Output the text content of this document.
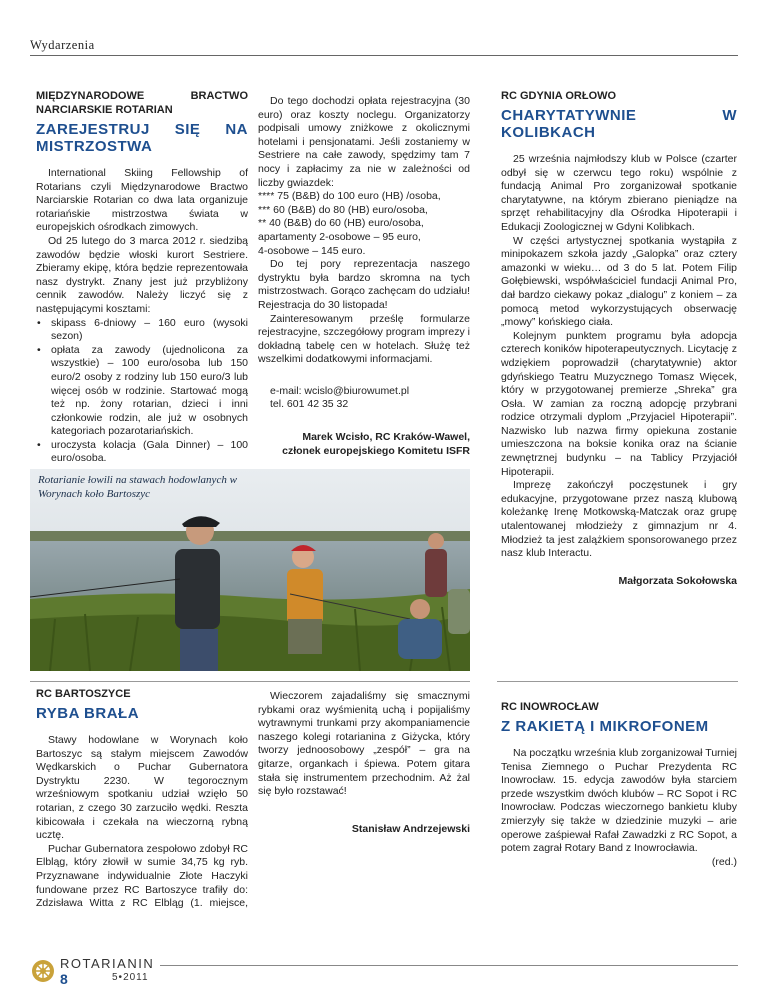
Wydarzenia
MIĘDZYNARODOWE BRACTWO NARCIARSKIE ROTARIAN
ZAREJESTRUJ SIĘ NA MISTRZOSTWA

International Skiing Fellowship of Rotarians czyli Międzynarodowe Bractwo Narciarskie Rotarian co dwa lata organizuje rotariańskie mistrzostwa świata w europejskich ośrodkach zimowych.

Od 25 lutego do 3 marca 2012 r. siedzibą zawodów będzie włoski kurort Sestriere. Zbieramy ekipę, która będzie reprezentowała nasz dystrykt. Znany jest już przybliżony cennik zawodów. Należy liczyć się z następującymi kosztami:

• skipass 6-dniowy – 160 euro (wysoki sezon)
• opłata za zawody (ujednolicona za wszystkie) – 100 euro/osoba lub 150 euro/2 osoby z rodziny lub 150 euro/3 lub więcej osób w rodzinie. Startować mogą też np. żony rotarian, dzieci i inni członkowie rodzin, ale już w osobnych kategoriach pozarotariańskich.
• uroczysta kolacja (Gala Dinner) – 100 euro/osoba.

Do tego dochodzi opłata rejestracyjna (30 euro) oraz koszty noclegu. Organizatorzy podpisali umowy zniżkowe z okolicznymi hotelami i pensjonatami. Jeśli zostaniemy w Sestriere na całe zawody, spędzimy tam 7 nocy i zapłacimy za nie w zależności od liczby gwiazdek:

**** 75 (B&B) do 100 euro (HB) /osoba,
*** 60 (B&B) do 80 (HB) euro/osoba,
** 40 (B&B) do 60 (HB) euro/osoba,
apartamenty 2-osobowe – 95 euro,
4-osobowe – 145 euro.

Do tej pory reprezentacja naszego dystryktu była bardzo skromna na tych mistrzostwach. Gorąco zachęcam do udziału! Rejestracja do 30 listopada!

Zainteresowanym prześlę formularze rejestracyjne, szczegółowy program imprezy i dokładną tabelę cen w hotelach. Służę też wszelkimi dodatkowymi informacjami.

e-mail: wcislo@biurowumet.pl
tel. 601 42 35 32
Marek Wcisło, RC Kraków-Wawel,
członek europejskiego Komitetu ISFR
Rotarianie łowili na stawach hodowlanych w Worynach koło Bartoszyc
RC GDYNIA ORŁOWO
CHARYTATYWNIE W KOLIBKACH

25 września najmłodszy klub w Polsce (czarter odbył się w czerwcu tego roku) wspólnie z fundacją Animal Pro zorganizował spotkanie charytatywne, na którym zbierano pieniądze na sprzęt rehabilitacyjny dla Ośrodka Hipoterapii i Edukacji Zoologicznej w Gdyni Kolibkach.

W części artystycznej spotkania wystąpiła z minipokazem szkoła jazdy „Galopka” oraz cztery amazonki w wieku… od 3 do 5 lat. Potem Filip Gołębiewski, współwłaściciel fundacji Animal Pro, dał bardzo ciekawy pokaz „dialogu” z koniem – za pomocą metod wykorzystujących obserwację „mowy” końskiego ciała.

Kolejnym punktem programu była adopcja czterech koników hipoterapeutycznych. Licytację z wdziękiem poprowadził (charytatywnie) aktor gdyńskiego Teatru Muzycznego Tomasz Więcek, który w przygotowanej premierze „Shreka” gra Osła. W zamian za roczną adopcję przybrani rodzice otrzymali dyplom „Przyjaciel Hipoterapii”. Nazwisko lub nazwa firmy opiekuna zostanie umieszczona na boksie konika oraz na ścianie zewnętrznej budynku – na Tablicy Przyjaciół Hipoterapii.

Imprezę zakończył poczęstunek i gry edukacyjne, przygotowane przez naszą klubową koleżankę Irenę Motkowską-Matczak oraz grupę utalentowanej młodzieży z gimnazjum nr 4. Młodzież ta jest zalążkiem sponsorowanego przez nasz klub Interactu.

Małgorzata Sokołowska
RC BARTOSZYCE
RYBA BRAŁA

Stawy hodowlane w Worynach koło Bartoszyc są stałym miejscem Zawodów Wędkarskich o Puchar Gubernatora Dystryktu 2230. W tegorocznym wrześniowym spotkaniu udział wzięło 50 rotarian, z czego 30 zarzuciło wędki. Reszta kibicowała i czekała na wieczorną rybną ucztę.

Puchar Gubernatora zespołowo zdobył RC Elbląg, który złowił w sumie 34,75 kg ryb. Przyznawane indywidualnie Złote Haczyki fundowane przez RC Bartoszyce trafiły do: Zdzisława Witta z RC Elbląg (1. miejsce,

Wieczorem zajadaliśmy się smacznymi rybkami oraz wyśmienitą uchą i popijaliśmy wytrawnymi trunkami przy akompaniamencie naszego kolegi rotarianina z Giżycka, który tworzy jednoosobowy „zespół” – gra na gitarze, organkach i śpiewa. Potem gitara stała się instrumentem przechodnim. Aż żal się było rozstawać!

Stanisław Andrzejewski
RC INOWROCŁAW
Z RAKIETĄ I MIKROFONEM

Na początku września klub zorganizował Turniej Tenisa Ziemnego o Puchar Prezydenta RC Inowrocław. 15. edycja zawodów była starciem przede wszystkim dwóch klubów – RC Sopot i RC Inowrocław. Podczas wieczornego bankietu kluby zmierzyły się także w dziedzinie muzyki – arie operowe zaśpiewał Rafał Zawadzki z RC Sopot, a potem zagrał Rotary Band z Inowrocławia.

(red.)
ROTARIANIN
8	5•2011
